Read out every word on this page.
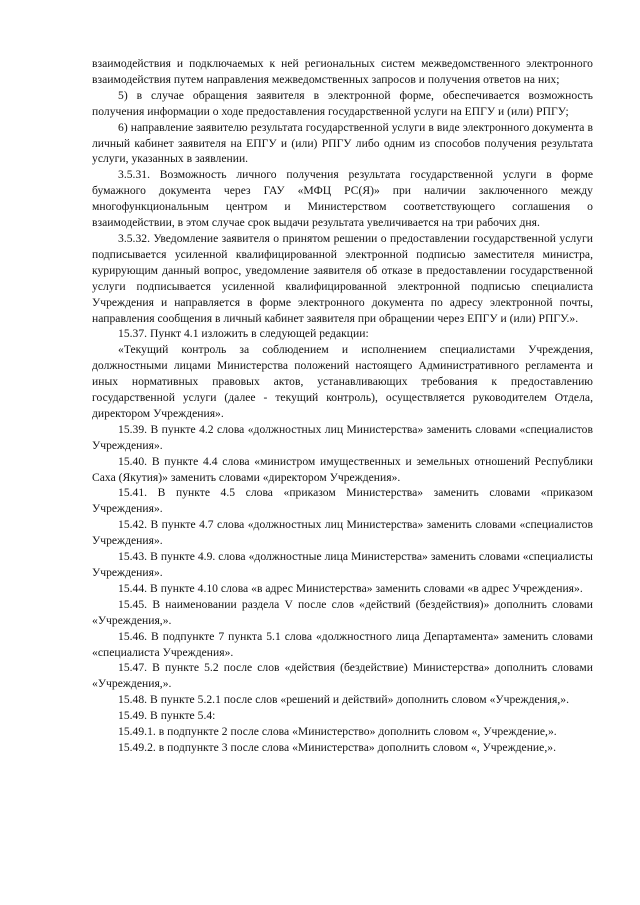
взаимодействия и подключаемых к ней региональных систем межведомственного электронного взаимодействия путем направления межведомственных запросов и получения ответов на них;

5) в случае обращения заявителя в электронной форме, обеспечивается возможность получения информации о ходе предоставления государственной услуги на ЕПГУ и (или) РПГУ;

6) направление заявителю результата государственной услуги в виде электронного документа в личный кабинет заявителя на ЕПГУ и (или) РПГУ либо одним из способов получения результата услуги, указанных в заявлении.

3.5.31. Возможность личного получения результата государственной услуги в форме бумажного документа через ГАУ «МФЦ РС(Я)» при наличии заключенного между многофункциональным центром и Министерством соответствующего соглашения о взаимодействии, в этом случае срок выдачи результата увеличивается на три рабочих дня.

3.5.32. Уведомление заявителя о принятом решении о предоставлении государственной услуги подписывается усиленной квалифицированной электронной подписью заместителя министра, курирующим данный вопрос, уведомление заявителя об отказе в предоставлении государственной услуги подписывается усиленной квалифицированной электронной подписью специалиста Учреждения и направляется в форме электронного документа по адресу электронной почты, направления сообщения в личный кабинет заявителя при обращении через ЕПГУ и (или) РПГУ.».

15.37. Пункт 4.1 изложить в следующей редакции:

«Текущий контроль за соблюдением и исполнением специалистами Учреждения, должностными лицами Министерства положений настоящего Административного регламента и иных нормативных правовых актов, устанавливающих требования к предоставлению государственной услуги (далее - текущий контроль), осуществляется руководителем Отдела, директором Учреждения».

15.39. В пункте 4.2 слова «должностных лиц Министерства» заменить словами «специалистов Учреждения».

15.40. В пункте 4.4 слова «министром имущественных и земельных отношений Республики Саха (Якутия)» заменить словами «директором Учреждения».

15.41. В пункте 4.5 слова «приказом Министерства» заменить словами «приказом Учреждения».

15.42. В пункте 4.7 слова «должностных лиц Министерства» заменить словами «специалистов Учреждения».

15.43. В пункте 4.9. слова «должностные лица Министерства» заменить словами «специалисты Учреждения».

15.44. В пункте 4.10 слова «в адрес Министерства» заменить словами «в адрес Учреждения».

15.45. В наименовании раздела V после слов «действий (бездействия)» дополнить словами «Учреждения,».

15.46. В подпункте 7 пункта 5.1 слова «должностного лица Департамента» заменить словами «специалиста Учреждения».

15.47. В пункте 5.2 после слов «действия (бездействие) Министерства» дополнить словами «Учреждения,».

15.48. В пункте 5.2.1 после слов «решений и действий» дополнить словом «Учреждения,».

15.49. В пункте 5.4:

15.49.1. в подпункте 2 после слова «Министерство» дополнить словом «, Учреждение,».

15.49.2. в подпункте 3 после слова «Министерства» дополнить словом «, Учреждение,».
